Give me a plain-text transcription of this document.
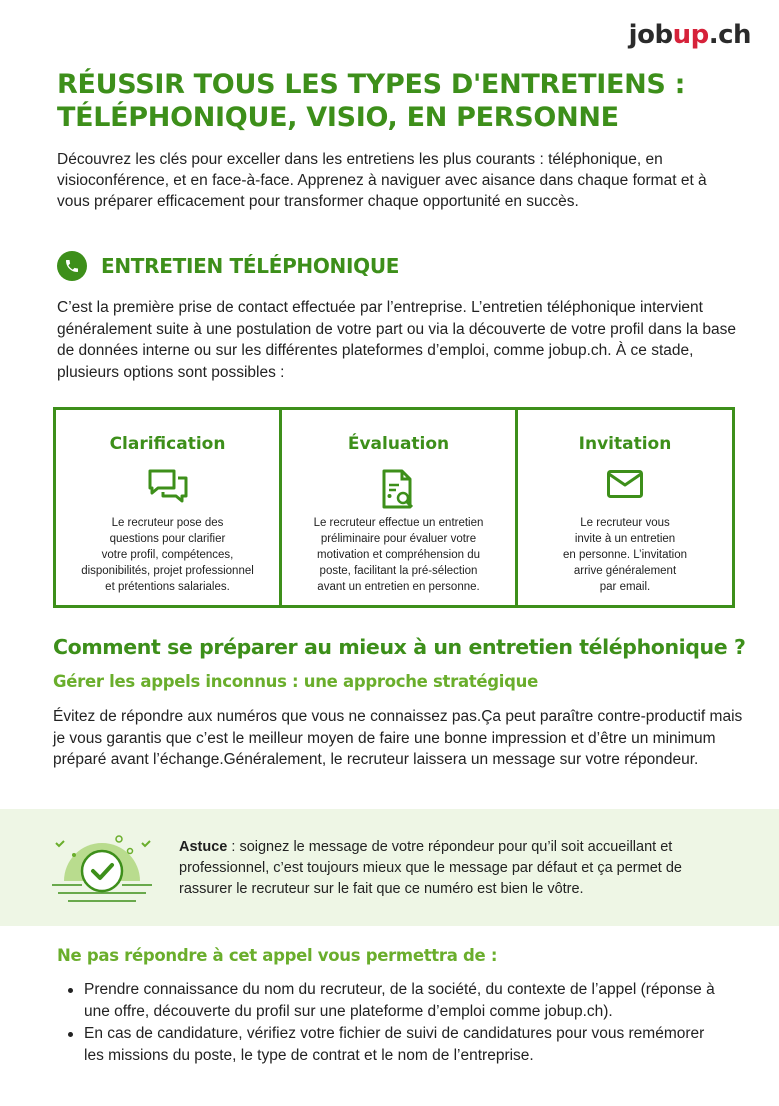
jobup.ch
RÉUSSIR TOUS LES TYPES D'ENTRETIENS :
TÉLÉPHONIQUE, VISIO, EN PERSONNE

Découvrez les clés pour exceller dans les entretiens les plus courants : téléphonique, en visioconférence, et en face-à-face. Apprenez à naviguer avec aisance dans chaque format et à vous préparer efficacement pour transformer chaque opportunité en succès.

ENTRETIEN TÉLÉPHONIQUE

C’est la première prise de contact effectuée par l’entreprise. L’entretien téléphonique intervient généralement suite à une postulation de votre part ou via la découverte de votre profil dans la base de données interne ou sur les différentes plateformes d’emploi, comme jobup.ch. À ce stade, plusieurs options sont possibles :

Clarification
Le recruteur pose des
questions pour clarifier
votre profil, compétences,
disponibilités, projet professionnel
et prétentions salariales.
Évaluation
Le recruteur effectue un entretien
préliminaire pour évaluer votre
motivation et compréhension du
poste, facilitant la pré-sélection
avant un entretien en personne.
Invitation
Le recruteur vous
invite à un entretien
en personne. L’invitation
arrive généralement
par email.
Comment se préparer au mieux à un entretien téléphonique ?
Gérer les appels inconnus : une approche stratégique

Évitez de répondre aux numéros que vous ne connaissez pas.Ça peut paraître contre-productif mais je vous garantis que c’est le meilleur moyen de faire une bonne impression et d’être un minimum préparé avant l’échange.Généralement, le recruteur laissera un message sur votre répondeur.

Astuce : soignez le message de votre répondeur pour qu’il soit accueillant et professionnel, c’est toujours mieux que le message par défaut et ça permet de rassurer le recruteur sur le fait que ce numéro est bien le vôtre.

Ne pas répondre à cet appel vous permettra de :
Prendre connaissance du nom du recruteur, de la société, du contexte de l’appel (réponse à une offre, découverte du profil sur une plateforme d’emploi comme jobup.ch).
En cas de candidature, vérifiez votre fichier de suivi de candidatures pour vous remémorer les missions du poste, le type de contrat et le nom de l’entreprise.
